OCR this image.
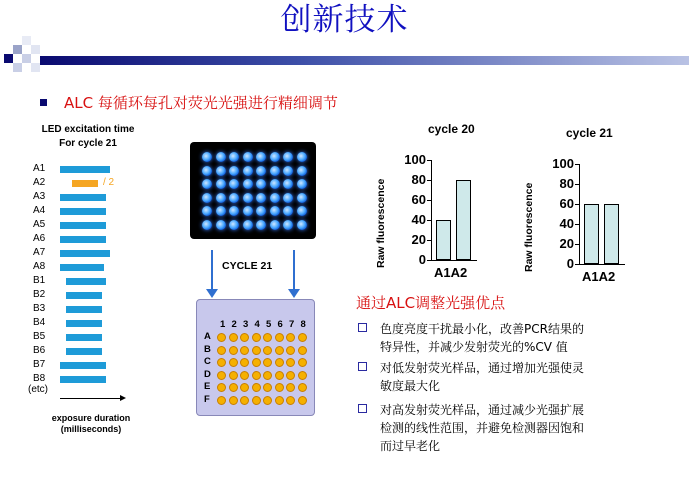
创新技术
ALC 每循环每孔对荧光光强进行精细调节
LED excitation time
For cycle 21
A1
A2	/ 2
A3
A4
A5
A6
A7
A8
B1
B2
B3
B4
B5
B6
B7
B8
(etc)
exposure duration
(milliseconds)
CYCLE 21
1 2 3 4 5 6 7 8
A
B
C
D
E
F
cycle 20
Raw fluorescence	0
20
40
60
80
100
A1A2
cycle 21
Raw fluorescence	0
20
40
60
80
100
A1A2
通过ALC调整光强优点
色度亮度干扰最小化，改善PCR结果的
特异性，并减少发射荧光的%CV 值
对低发射荧光样品，通过增加光强使灵
敏度最大化
对高发射荧光样品，通过减少光强扩展
检测的线性范围，并避免检测器因饱和
而过早老化
